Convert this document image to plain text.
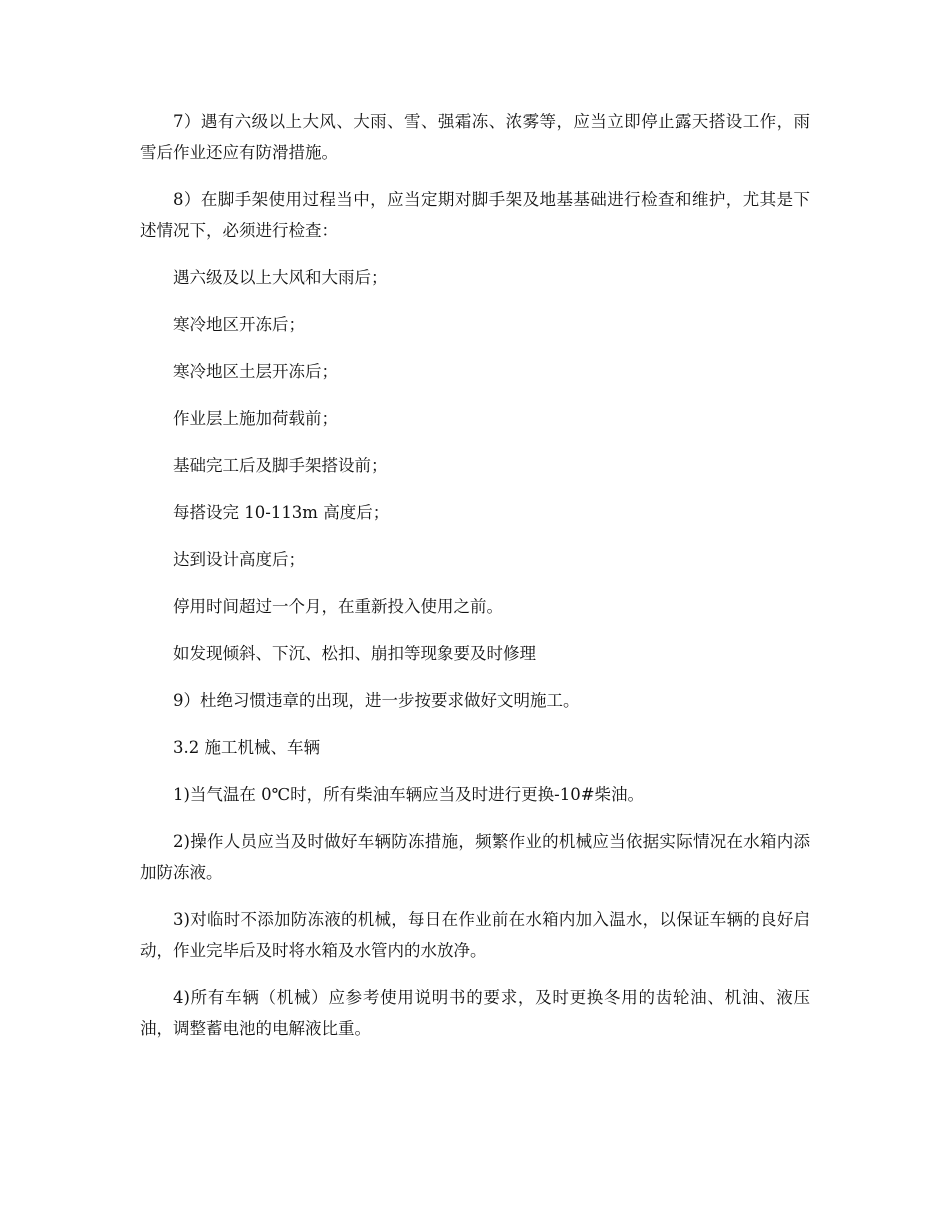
7）遇有六级以上大风、大雨、雪、强霜冻、浓雾等，应当立即停止露天搭设工作，雨雪后作业还应有防滑措施。

8）在脚手架使用过程当中，应当定期对脚手架及地基基础进行检查和维护，尤其是下述情况下，必须进行检查：

遇六级及以上大风和大雨后；

寒冷地区开冻后；

寒冷地区土层开冻后；

作业层上施加荷载前；

基础完工后及脚手架搭设前；

每搭设完 10-113m 高度后；

达到设计高度后；

停用时间超过一个月，在重新投入使用之前。

如发现倾斜、下沉、松扣、崩扣等现象要及时修理

9）杜绝习惯违章的出现，进一步按要求做好文明施工。

3.2 施工机械、车辆

1)当气温在 0℃时，所有柴油车辆应当及时进行更换-10#柴油。

2)操作人员应当及时做好车辆防冻措施，频繁作业的机械应当依据实际情况在水箱内添加防冻液。

3)对临时不添加防冻液的机械，每日在作业前在水箱内加入温水，以保证车辆的良好启动，作业完毕后及时将水箱及水管内的水放净。

4)所有车辆（机械）应参考使用说明书的要求，及时更换冬用的齿轮油、机油、液压油，调整蓄电池的电解液比重。
